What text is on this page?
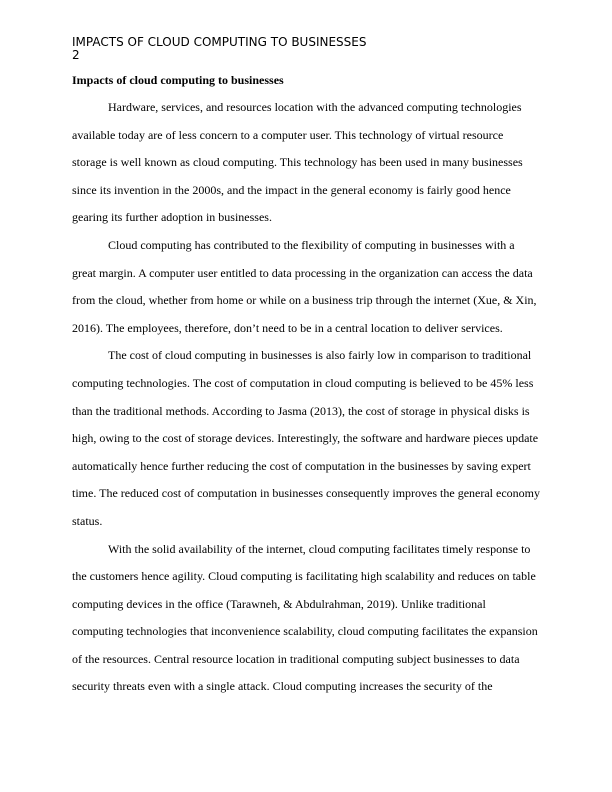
IMPACTS OF CLOUD COMPUTING TO BUSINESSES
2

Impacts of cloud computing to businesses

Hardware, services, and resources location with the advanced computing technologies available today are of less concern to a computer user. This technology of virtual resource storage is well known as cloud computing. This technology has been used in many businesses since its invention in the 2000s, and the impact in the general economy is fairly good hence gearing its further adoption in businesses.

Cloud computing has contributed to the flexibility of computing in businesses with a great margin. A computer user entitled to data processing in the organization can access the data from the cloud, whether from home or while on a business trip through the internet (Xue, & Xin, 2016). The employees, therefore, don’t need to be in a central location to deliver services.

The cost of cloud computing in businesses is also fairly low in comparison to traditional computing technologies. The cost of computation in cloud computing is believed to be 45% less than the traditional methods. According to Jasma (2013), the cost of storage in physical disks is high, owing to the cost of storage devices. Interestingly, the software and hardware pieces update automatically hence further reducing the cost of computation in the businesses by saving expert time. The reduced cost of computation in businesses consequently improves the general economy status.

With the solid availability of the internet, cloud computing facilitates timely response to the customers hence agility. Cloud computing is facilitating high scalability and reduces on table computing devices in the office (Tarawneh, & Abdulrahman, 2019). Unlike traditional computing technologies that inconvenience scalability, cloud computing facilitates the expansion of the resources. Central resource location in traditional computing subject businesses to data security threats even with a single attack. Cloud computing increases the security of the
